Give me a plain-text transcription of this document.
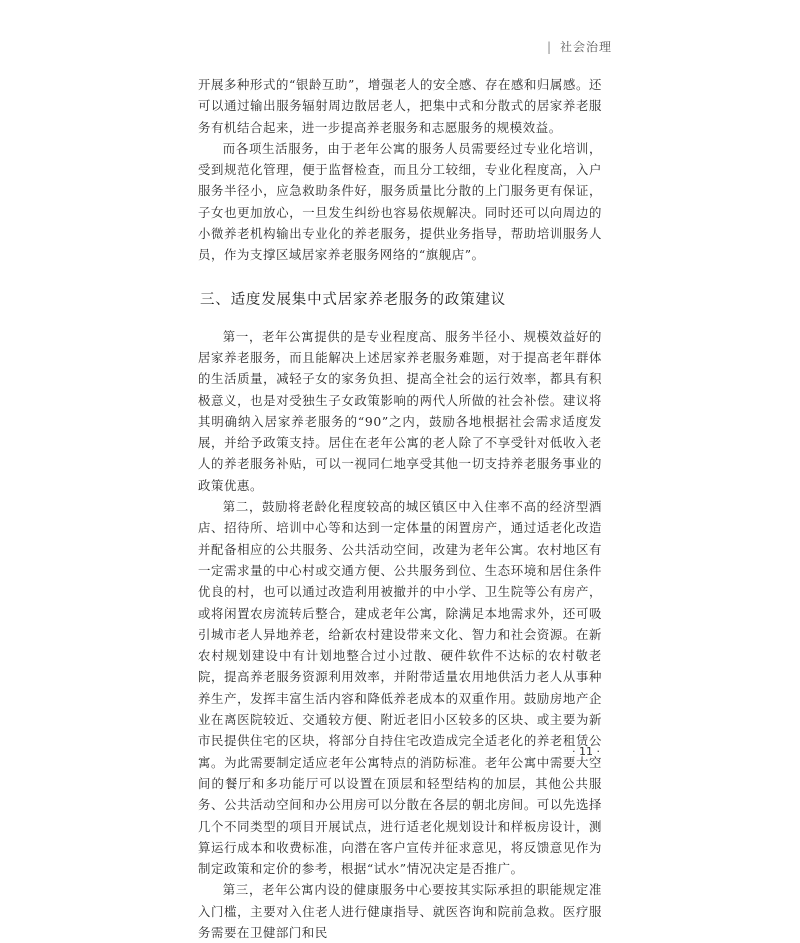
| 社会治理

开展多种形式的“银龄互助”，增强老人的安全感、存在感和归属感。还可以通过输出服务辐射周边散居老人，把集中式和分散式的居家养老服务有机结合起来，进一步提高养老服务和志愿服务的规模效益。

而各项生活服务，由于老年公寓的服务人员需要经过专业化培训，受到规范化管理，便于监督检查，而且分工较细，专业化程度高，入户服务半径小，应急救助条件好，服务质量比分散的上门服务更有保证，子女也更加放心，一旦发生纠纷也容易依规解决。同时还可以向周边的小微养老机构输出专业化的养老服务，提供业务指导，帮助培训服务人员，作为支撑区域居家养老服务网络的“旗舰店”。

三、适度发展集中式居家养老服务的政策建议

第一，老年公寓提供的是专业程度高、服务半径小、规模效益好的居家养老服务，而且能解决上述居家养老服务难题，对于提高老年群体的生活质量，减轻子女的家务负担、提高全社会的运行效率，都具有积极意义，也是对受独生子女政策影响的两代人所做的社会补偿。建议将其明确纳入居家养老服务的“90”之内，鼓励各地根据社会需求适度发展，并给予政策支持。居住在老年公寓的老人除了不享受针对低收入老人的养老服务补贴，可以一视同仁地享受其他一切支持养老服务事业的政策优惠。

第二，鼓励将老龄化程度较高的城区镇区中入住率不高的经济型酒店、招待所、培训中心等和达到一定体量的闲置房产，通过适老化改造并配备相应的公共服务、公共活动空间，改建为老年公寓。农村地区有一定需求量的中心村或交通方便、公共服务到位、生态环境和居住条件优良的村，也可以通过改造利用被撤并的中小学、卫生院等公有房产，或将闲置农房流转后整合，建成老年公寓，除满足本地需求外，还可吸引城市老人异地养老，给新农村建设带来文化、智力和社会资源。在新农村规划建设中有计划地整合过小过散、硬件软件不达标的农村敬老院，提高养老服务资源利用效率，并附带适量农用地供活力老人从事种养生产，发挥丰富生活内容和降低养老成本的双重作用。鼓励房地产企业在离医院较近、交通较方便、附近老旧小区较多的区块、或主要为新市民提供住宅的区块，将部分自持住宅改造成完全适老化的养老租赁公寓。为此需要制定适应老年公寓特点的消防标准。老年公寓中需要大空间的餐厅和多功能厅可以设置在顶层和轻型结构的加层，其他公共服务、公共活动空间和办公用房可以分散在各层的朝北房间。可以先选择几个不同类型的项目开展试点，进行适老化规划设计和样板房设计，测算运行成本和收费标准，向潜在客户宣传并征求意见，将反馈意见作为制定政策和定价的参考，根据“试水”情况决定是否推广。

第三，老年公寓内设的健康服务中心要按其实际承担的职能规定准入门槛，主要对入住老人进行健康指导、就医咨询和院前急救。医疗服务需要在卫健部门和民

· 11 ·
